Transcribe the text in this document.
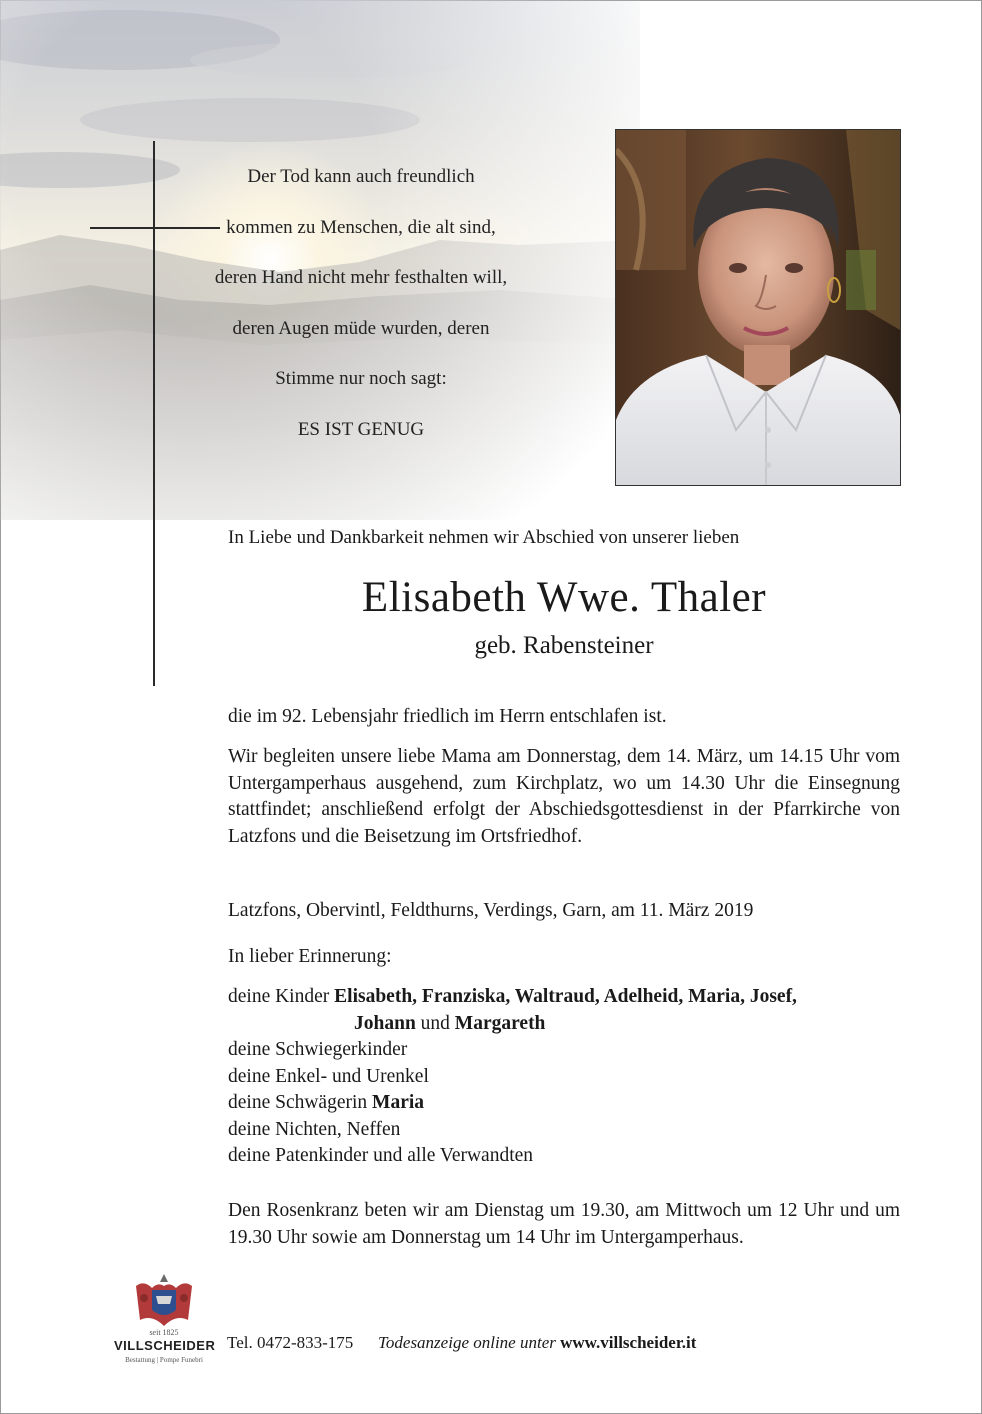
Der Tod kann auch freundlich
kommen zu Menschen, die alt sind,
deren Hand nicht mehr festhalten will,
deren Augen müde wurden, deren
Stimme nur noch sagt:
ES IST GENUG
In Liebe und Dankbarkeit nehmen wir Abschied von unserer lieben
Elisabeth Wwe. Thaler
geb. Rabensteiner
die im 92. Lebensjahr friedlich im Herrn entschlafen ist.
Wir begleiten unsere liebe Mama am Donnerstag, dem 14. März, um 14.15 Uhr vom Untergamperhaus ausgehend, zum Kirchplatz, wo um 14.30 Uhr die Einsegnung stattfindet; anschließend erfolgt der Abschiedsgottesdienst in der Pfarrkirche von Latzfons und die Beisetzung im Ortsfriedhof.
Latzfons, Obervintl, Feldthurns, Verdings, Garn, am 11. März 2019
In lieber Erinnerung:
deine Kinder Elisabeth, Franziska, Waltraud, Adelheid, Maria, Josef,
Johann und Margareth
deine Schwiegerkinder
deine Enkel- und Urenkel
deine Schwägerin Maria
deine Nichten, Neffen
deine Patenkinder und alle Verwandten
Den Rosenkranz beten wir am Dienstag um 19.30, am Mittwoch um 12 Uhr und um 19.30 Uhr sowie am Donnerstag um 14 Uhr im Untergamperhaus.
seit 1825
VILLSCHEIDER
Bestattung | Pompe Funebri
Tel. 0472-833-175 Todesanzeige online unter www.villscheider.it
